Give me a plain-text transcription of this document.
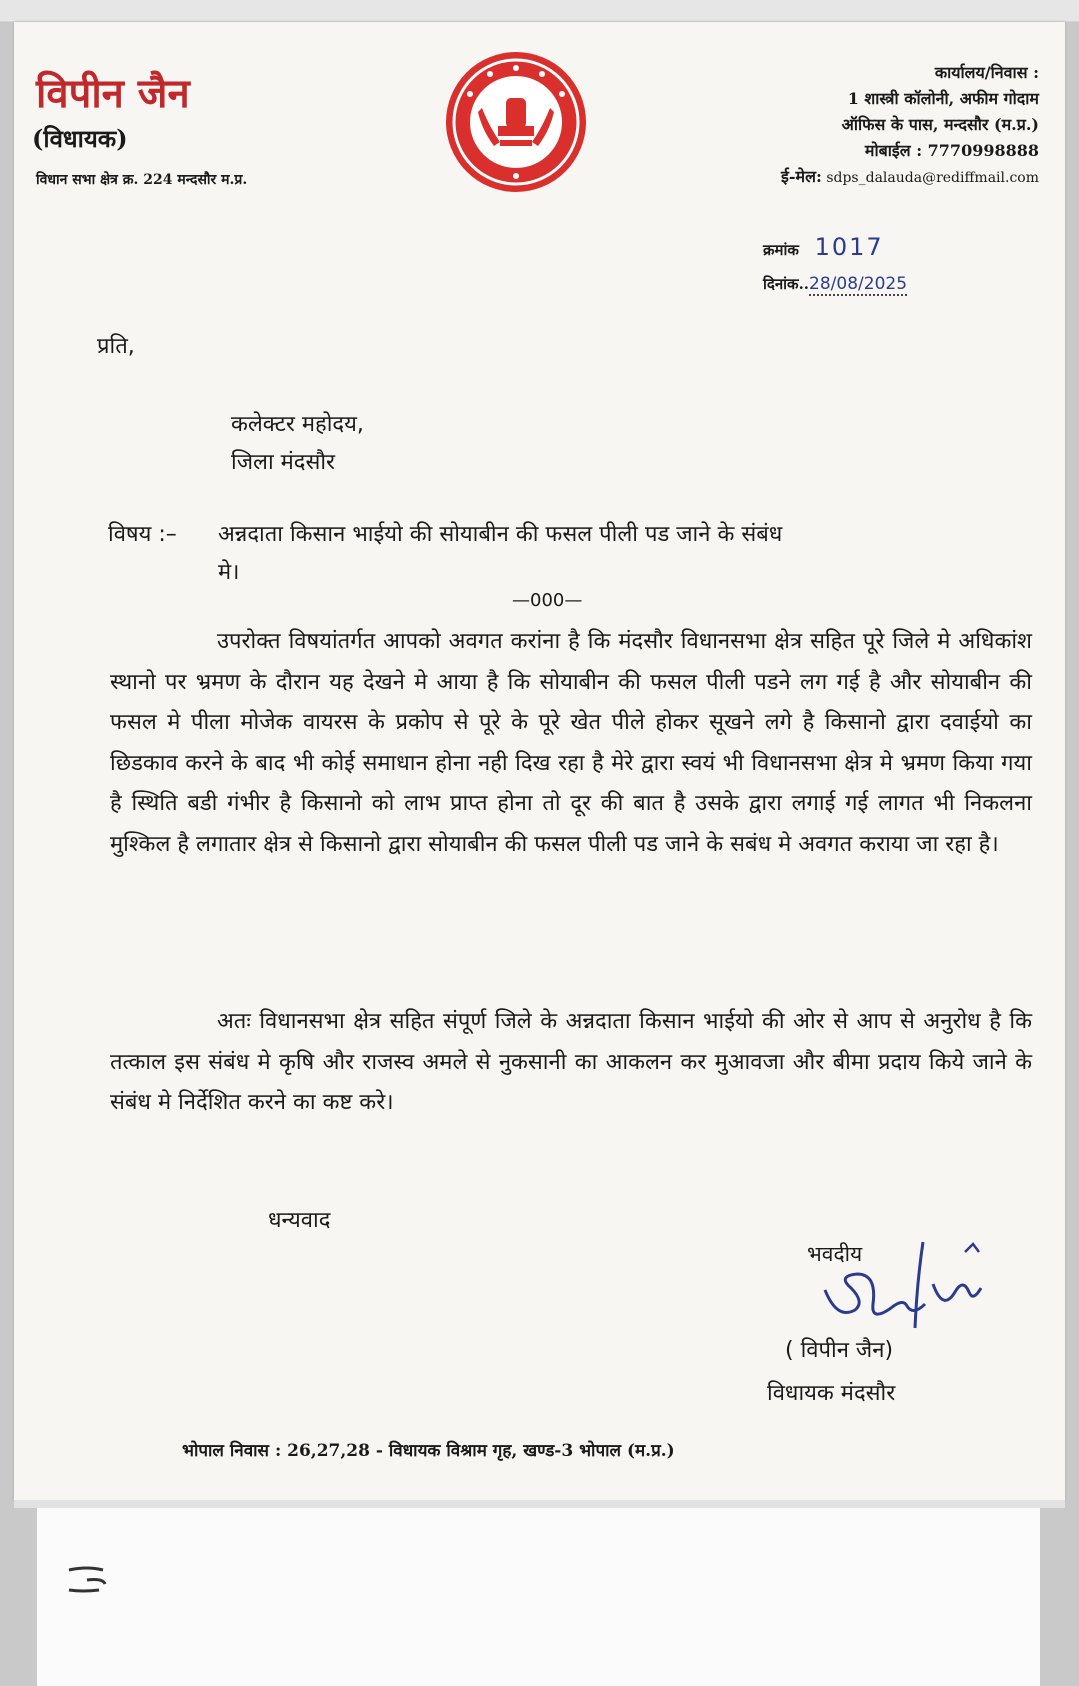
विपीन जैन
(विधायक)
विधान सभा क्षेत्र क्र. 224 मन्दसौर म.प्र.
कार्यालय/निवास :
1 शास्त्री कॉलोनी, अफीम गोदाम
ऑफिस के पास, मन्दसौर (म.प्र.)
मोबाईल : 7770998888
ई-मेल: sdps_dalauda@rediffmail.com
क्रमांक 1017
दिनांक..28/08/2025
प्रति,
कलेक्टर महोदय,
जिला मंदसौर
विषय :– अन्नदाता किसान भाईयो की सोयाबीन की फसल पीली पड जाने के संबंध
मे।
—000—
उपरोक्त विषयांतर्गत आपको अवगत करांना है कि मंदसौर विधानसभा क्षेत्र सहित पूरे जिले मे अधिकांश स्थानो पर भ्रमण के दौरान यह देखने मे आया है कि सोयाबीन की फसल पीली पडने लग गई है और सोयाबीन की फसल मे पीला मोजेक वायरस के प्रकोप से पूरे के पूरे खेत पीले होकर सूखने लगे है किसानो द्वारा दवाईयो का छिडकाव करने के बाद भी कोई समाधान होना नही दिख रहा है मेरे द्वारा स्वयं भी विधानसभा क्षेत्र मे भ्रमण किया गया है स्थिति बडी गंभीर है किसानो को लाभ प्राप्त होना तो दूर की बात है उसके द्वारा लगाई गई लागत भी निकलना मुश्किल है लगातार क्षेत्र से किसानो द्वारा सोयाबीन की फसल पीली पड जाने के सबंध मे अवगत कराया जा रहा है।
अतः विधानसभा क्षेत्र सहित संपूर्ण जिले के अन्नदाता किसान भाईयो की ओर से आप से अनुरोध है कि तत्काल इस संबंध मे कृषि और राजस्व अमले से नुकसानी का आकलन कर मुआवजा और बीमा प्रदाय किये जाने के संबंध मे निर्देशित करने का कष्ट करे।
धन्यवाद
भवदीय
( विपीन जैन)
विधायक मंदसौर
भोपाल निवास : 26,27,28 - विधायक विश्राम गृह, खण्ड-3 भोपाल (म.प्र.)
